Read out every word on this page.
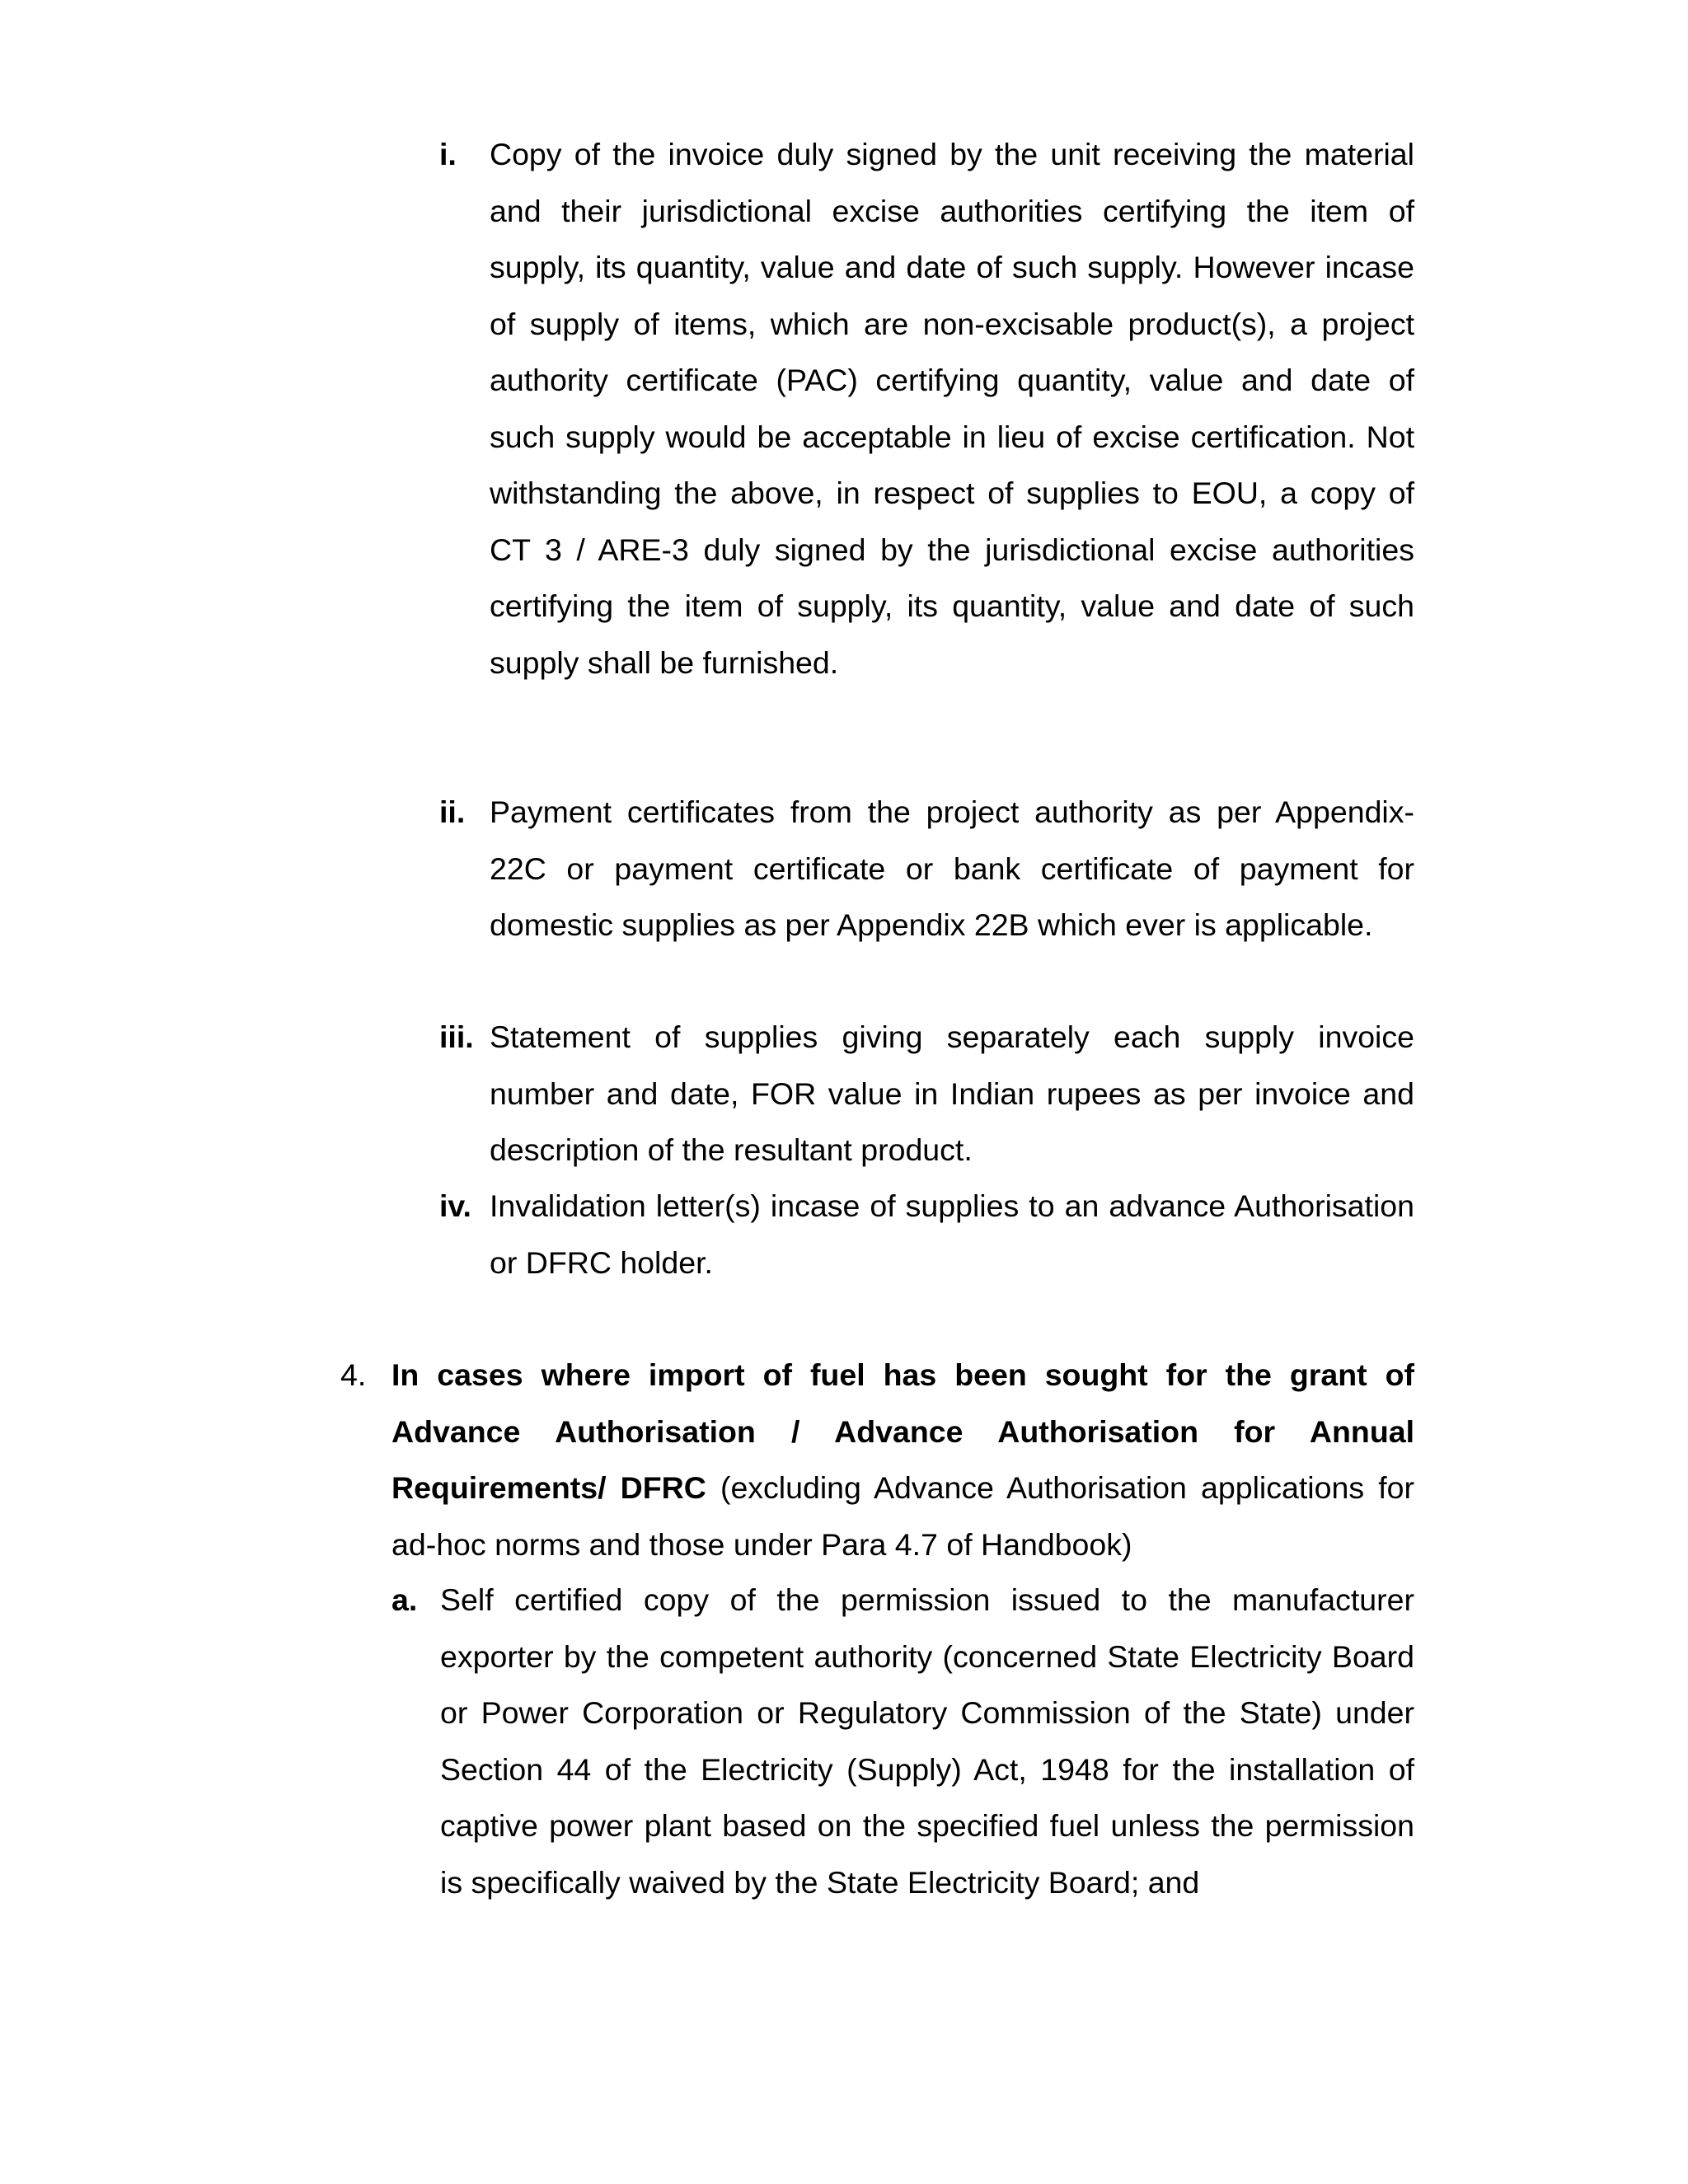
i. Copy of the invoice duly signed by the unit receiving the material and their jurisdictional excise authorities certifying the item of supply, its quantity, value and date of such supply. However incase of supply of items, which are non-excisable product(s), a project authority certificate (PAC) certifying quantity, value and date of such supply would be acceptable in lieu of excise certification. Not withstanding the above, in respect of supplies to EOU, a copy of CT 3 / ARE-3 duly signed by the jurisdictional excise authorities certifying the item of supply, its quantity, value and date of such supply shall be furnished.
ii. Payment certificates from the project authority as per Appendix-22C or payment certificate or bank certificate of payment for domestic supplies as per Appendix 22B which ever is applicable.
iii. Statement of supplies giving separately each supply invoice number and date, FOR value in Indian rupees as per invoice and description of the resultant product.
iv. Invalidation letter(s) incase of supplies to an advance Authorisation or DFRC holder.
4. In cases where import of fuel has been sought for the grant of Advance Authorisation / Advance Authorisation for Annual Requirements/ DFRC (excluding Advance Authorisation applications for ad-hoc norms and those under Para 4.7 of Handbook)
a. Self certified copy of the permission issued to the manufacturer exporter by the competent authority (concerned State Electricity Board or Power Corporation or Regulatory Commission of the State) under Section 44 of the Electricity (Supply) Act, 1948 for the installation of captive power plant based on the specified fuel unless the permission is specifically waived by the State Electricity Board; and
